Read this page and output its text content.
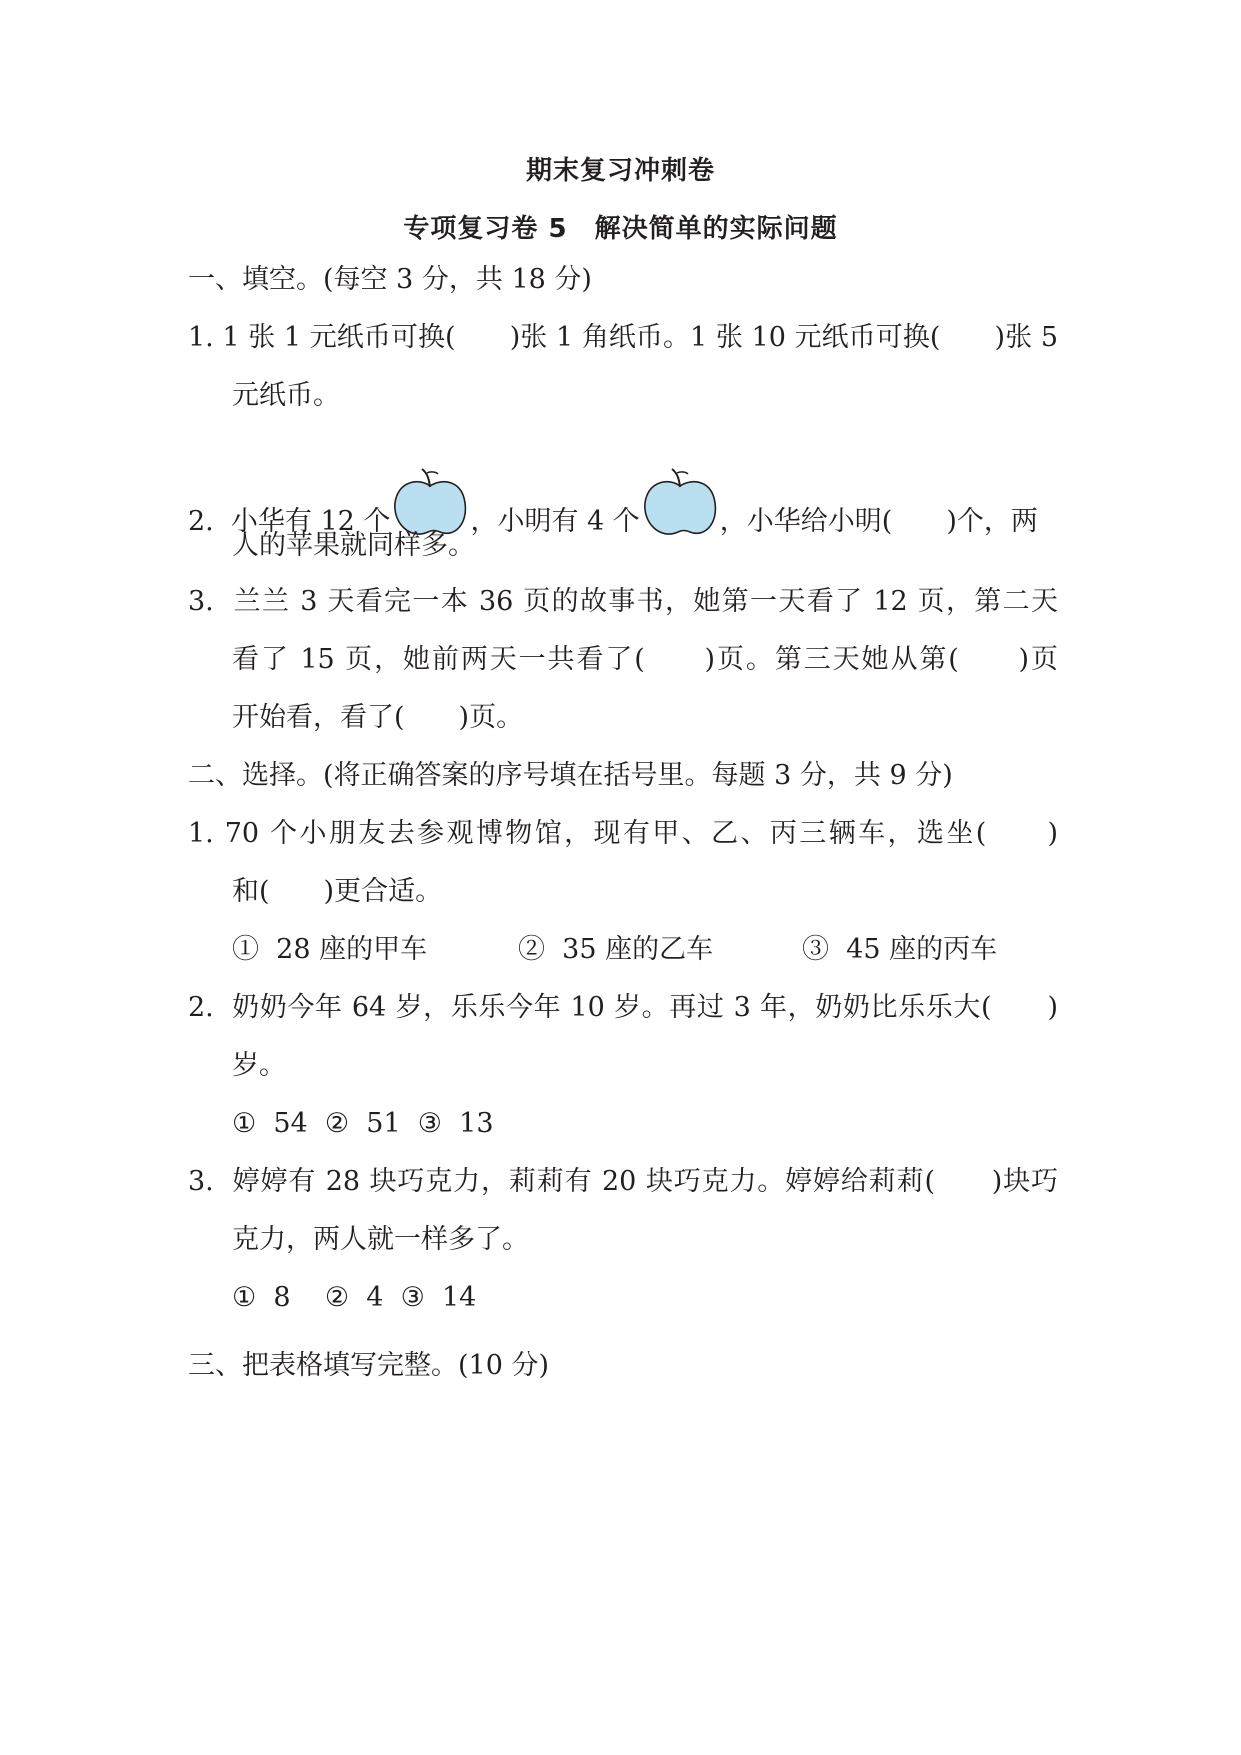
期末复习冲刺卷
专项复习卷 5　解决简单的实际问题
一、填空。(每空 3 分，共 18 分)
1. 1 张 1 元纸币可换(　　)张 1 角纸币。1 张 10 元纸币可换(　　)张 5
元纸币。
2.  小华有 12 个	，小明有 4 个	，小华给小明(　　)个，两
人的苹果就同样多。
3.  兰兰 3 天看完一本 36 页的故事书，她第一天看了 12 页，第二天
看了 15 页，她前两天一共看了(　　)页。第三天她从第(　　)页
开始看，看了(　　)页。
二、选择。(将正确答案的序号填在括号里。每题 3 分，共 9 分)
1. 70 个小朋友去参观博物馆，现有甲、乙、丙三辆车，选坐(　　)
和(　　)更合适。

①  28 座的甲车

	②  35 座的乙车

	③  45 座的丙车

2.  奶奶今年 64 岁，乐乐今年 10 岁。再过 3 年，奶奶比乐乐大(　　)
岁。
①  54  ②  51  ③  13
3.  婷婷有 28 块巧克力，莉莉有 20 块巧克力。婷婷给莉莉(　　)块巧
克力，两人就一样多了。
①  8    ②  4  ③  14
三、把表格填写完整。(10 分)
